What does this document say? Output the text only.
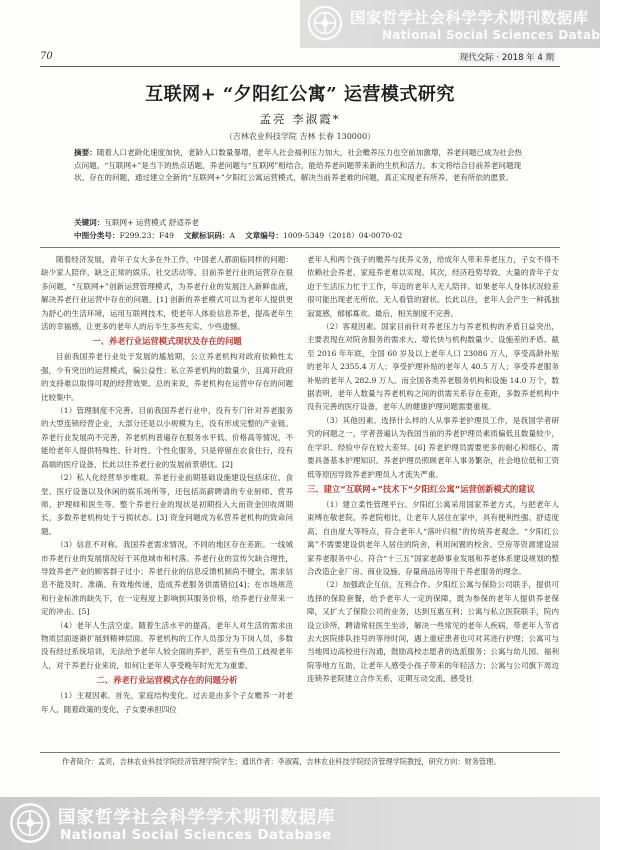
国家哲学社会科学学术期刊数据库
National Social Sciences Database
70	现代交际 · 2018 年 4 期
互联网+ “夕阳红公寓” 运营模式研究
孟亮 李淑霞*
（吉林农业科技学院 吉林 长春 130000）

摘要：随着人口老龄化速度加快，老龄人口数量暴增，老年人社会福利压力加大，社会赡养压力也空前加激增，养老问题已成为社会热点问题。“互联网+”是当下的热点话题，养老问题与“互联网”相结合，能给养老问题带来新的生机和活力。本文将结合目前养老问题现状、存在的问题，通过建立全新的“互联网+”夕阳红公寓运营模式，解决当前养老难的问题，真正实现老有所养、老有所依的愿景。

关键词：互联网+ 运营模式 舒适养老
中图分类号：F299.23；F49  文献标识码：A  文章编号：1009-5349（2018）04-0070-02

随着经济发展，青年子女大多在外工作，中国老人都面临同样的问题：缺少家人陪伴，缺乏正常的娱乐、社交活动等。目前养老行业的运营存在很多问题，“互联网+”创新运营管理模式，为养老行业的发展注入新鲜血液，解决养老行业运营中存在的问题。[1] 创新的养老模式可以为老年人提供更为舒心的生活环境，运用互联网技术，使老年人体验信息养老，提高老年生活的幸福感，让更多的老年人的后半生多些充实、少些遗憾。

一、养老行业运营模式现状及存在的问题

目前我国养老行业处于发展的尴尬期，公立养老机构对政府依赖性太强，少有突出的运营模式，偏公益性；私立养老机构的数量少，且离开政府的支持难以取得可观的经营效果。总的来说，养老机构在运营中存在的问题比较集中。

（1）管理制度不完善。目前我国养老行业中，没有专门针对养老服务的大型连锁经营企业，大部分还是以小规模为主，没有形成完整的产业链。养老行业发展尚不完善，养老机构普遍存在服务水平低、价格高等情况，不能给老年人提供特殊性、针对性、个性化服务，只是停留在衣食住行，没有高端的医疗设备，长此以往养老行业的发展前景堪忧。[2]

（2）私人化经营举步维艰。养老行业前期基础设施建设包括床位、食堂、医疗设备以及休闲的娱乐场所等，还包括高薪聘请的专业厨师、营养师、护理师和医生等。整个养老行业的现状是初期投入大而资金回收周期长，多数养老机构处于亏损状态。[3] 资金问题成为私营养老机构的致命问题。

（3）信息不对称。我国养老需求情况，不同的地区存在差距。一线城市养老行业的发展情况好于其他城市和村落。养老行业的宣传欠缺合理性，导致养老产业的顾客群子过小；养老行业的信息反馈机制尚不健全，需求信息不能及时、准确、有效地传递，造成养老服务供需错位[4]；在市场规范和行业标准的缺失下，在一定程度上影响到其服务价格，给养老行业带来一定的冲击。[5]

（4）老年人生活空虚。随着生活水平的提高，老年人对生活的需求由物质层面逐渐扩展到精神层面。养老机构的工作人员部分为下岗人员，多数没有经过系统培训，无法给予老年人较全面的养护，甚至有些员工歧视老年人，对于养老行业来说，如何让老年人享受晚年时光尤为重要。

二、养老行业运营模式存在的问题分析

（1）主观因素。首先，家庭结构变化。过去是由多个子女赡养一对老年人，随着政策的变化，子女要承担四位

老年人和两个孩子的赡养与抚养义务，给成年人带来养老压力，子女不得不依赖社会养老，家庭养老难以实现。其次，经济趋势导致。大量的青年子女迫于生活压力忙于工作，年迈的老年人无人陪伴。如果老年人身体状况较差很可能出现老无所依、无人看管的窘状。长此以往，老年人会产生一种孤独寂寞感，郁郁寡欢。最后，相关制度不完善。

（2）客观因素。国家目前针对养老压力与养老机构的矛盾日益突出，主要表现在对院舍服务的需求大、增长快与机构数量少、设施差的矛盾。截至 2016 年年底，全国 60 岁及以上老年人口 23086 万人，享受高龄补贴的老年人 2355.4 万人；享受护理补贴的老年人 40.5 万人；享受养老服务补贴的老年人 282.9 万人。而全国各类养老服务机构和设施 14.0 万个，数据表明，老年人数量与养老机构之间的供需关系存在差距，多数养老机构中没有完善的医疗设备，老年人的健康护理问题需要重视。

（3）其他因素。选择什么样的人从事养老护理员工作，是我国学者研究的问题之一，学者普遍认为我国当前的养老护理员素质偏低且数量较少，在学识、经验中存在较大差异。[6] 养老护理员需要更多的耐心和细心，需要具备基本护理知识。养老护理员照顾老年人事务繁杂，社会地位低和工资低等原因导致养老护理员人才流失严重。

三、建立“互联网+”技术下“夕阳红公寓”运营创新模式的建议

（1）建立柔性管理平台。夕阳红公寓采用国家养老方式，与把老年人束缚在敬老院、养老院相比，让老年人居住在家中，具有便利性强、舒适度高、自由度大等特点，符合老年人“落叶归根”的传统养老观念。“夕阳红公寓”不需要建设供老年人居住的院舍，利用闲置的校舍、空房等资源建设居家养老服务中心。符合“十三五”国家老龄事业发展和养老体系建设规划的整合改造企业厂房、商业设施、存量商品房等用于养老服务的理念。

（2）加强政企互信，互利合作。夕阳红公寓与保险公司联手，提供可选择的保险套餐，给予老年人一定的保障，既为参保的老年人提供养老保障，又扩大了保险公司的业务，达到互惠互利；公寓与私立医院联手，院内设立诊所，聘请常驻医生坐诊，解决一些常见的老年人疾病，带老年人节省去大医院排队挂号的等待时间，遇上重症患者也可对其进行护理；公寓可与当地周边高校进行沟通，鼓励高校志愿者的选派服务；公寓与幼儿园、福利院等地方互助，让老年人感受小孩子带来的年轻活力；公寓与公司旗下周边连锁养老院建立合作关系，定期互动交流，感受社

作者简介：孟亮，吉林农业科技学院经济管理学院学生；通讯作者：李淑霞，吉林农业科技学院经济管理学院教授，研究方向：财务管理。
国家哲学社会科学学术期刊数据库
National Social Sciences Database
